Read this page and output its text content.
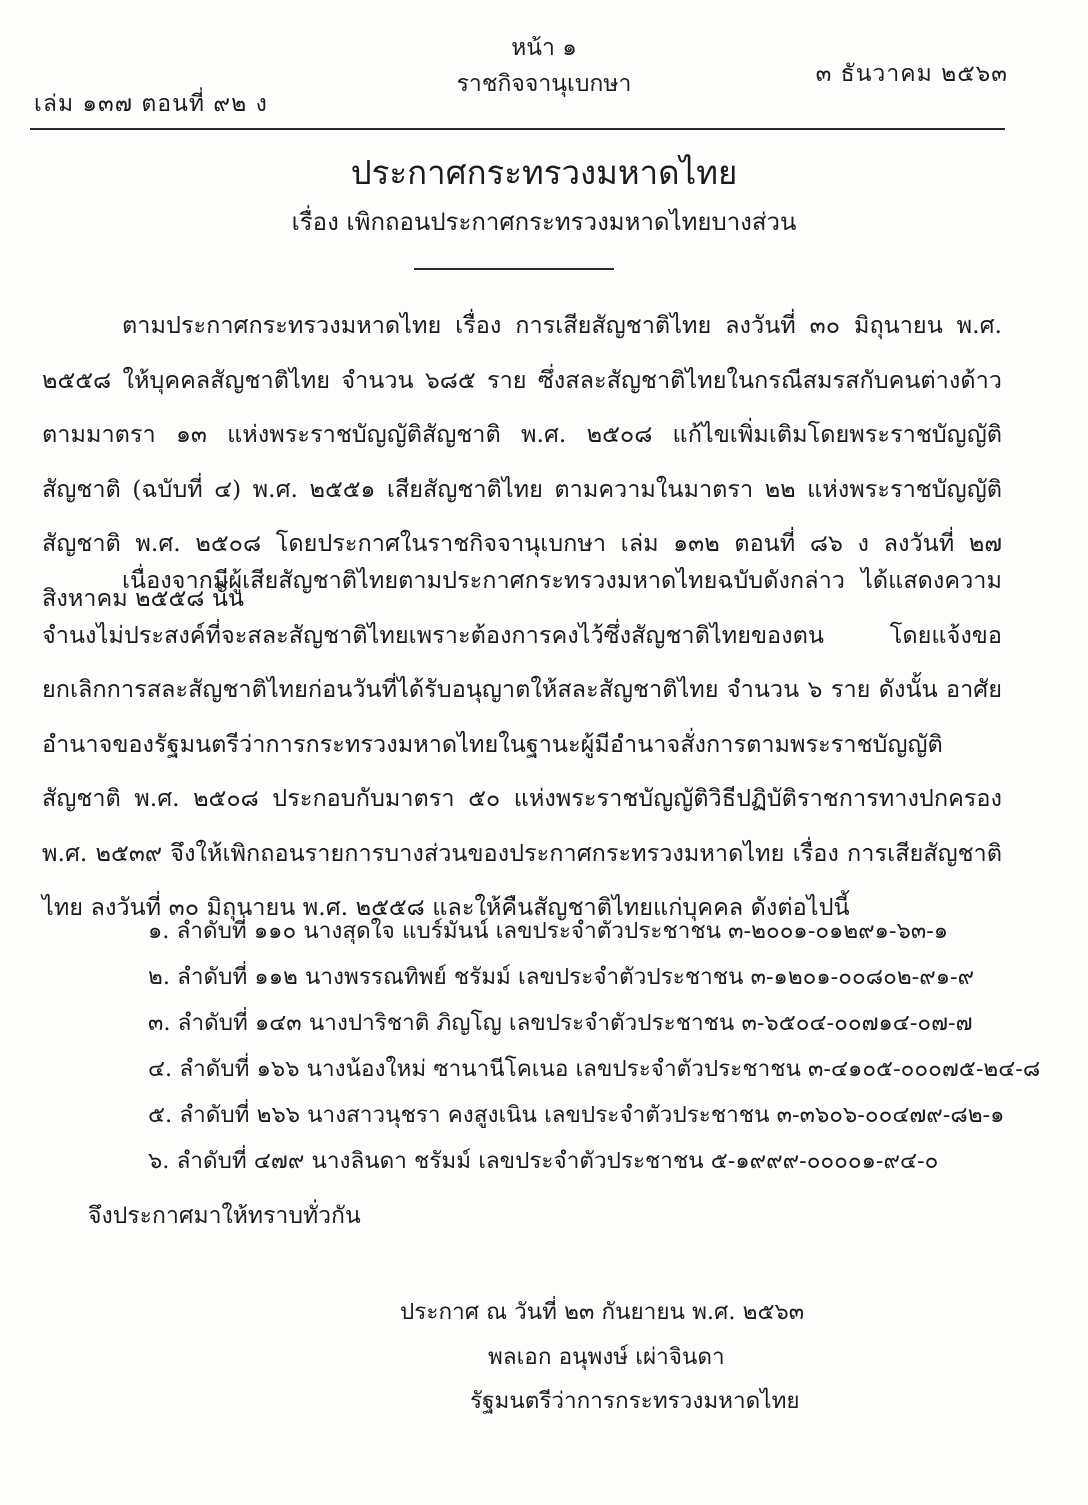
หน้า ๑
ราชกิจจานุเบกษา
เล่ม ๑๓๗ ตอนที่ ๙๒ ง
๓ ธันวาคม ๒๕๖๓
ประกาศกระทรวงมหาดไทย
เรื่อง เพิกถอนประกาศกระทรวงมหาดไทยบางส่วน
ตามประกาศกระทรวงมหาดไทย เรื่อง การเสียสัญชาติไทย ลงวันที่ ๓๐ มิถุนายน พ.ศ. ๒๕๕๘ ให้บุคคลสัญชาติไทย จำนวน ๖๘๕ ราย ซึ่งสละสัญชาติไทยในกรณีสมรสกับคนต่างด้าว ตามมาตรา ๑๓ แห่งพระราชบัญญัติสัญชาติ พ.ศ. ๒๕๐๘ แก้ไขเพิ่มเติมโดยพระราชบัญญัติสัญชาติ (ฉบับที่ ๔) พ.ศ. ๒๕๕๑ เสียสัญชาติไทย ตามความในมาตรา ๒๒ แห่งพระราชบัญญัติสัญชาติ พ.ศ. ๒๕๐๘ โดยประกาศในราชกิจจานุเบกษา เล่ม ๑๓๒ ตอนที่ ๘๖ ง ลงวันที่ ๒๗ สิงหาคม ๒๕๕๘ นั้น
เนื่องจากมีผู้เสียสัญชาติไทยตามประกาศกระทรวงมหาดไทยฉบับดังกล่าว ได้แสดงความจำนงไม่ประสงค์ที่จะสละสัญชาติไทยเพราะต้องการคงไว้ซึ่งสัญชาติไทยของตน โดยแจ้งขอยกเลิกการสละสัญชาติไทยก่อนวันที่ได้รับอนุญาตให้สละสัญชาติไทย จำนวน ๖ ราย ดังนั้น อาศัยอำนาจของรัฐมนตรีว่าการกระทรวงมหาดไทยในฐานะผู้มีอำนาจสั่งการตามพระราชบัญญัติสัญชาติ พ.ศ. ๒๕๐๘ ประกอบกับมาตรา ๕๐ แห่งพระราชบัญญัติวิธีปฏิบัติราชการทางปกครอง พ.ศ. ๒๕๓๙ จึงให้เพิกถอนรายการบางส่วนของประกาศกระทรวงมหาดไทย เรื่อง การเสียสัญชาติไทย ลงวันที่ ๓๐ มิถุนายน พ.ศ. ๒๕๕๘ และให้คืนสัญชาติไทยแก่บุคคล ดังต่อไปนี้
๑. ลำดับที่ ๑๑๐ นางสุดใจ แบร์มันน์ เลขประจำตัวประชาชน ๓-๒๐๐๑-๐๑๒๙๑-๖๓-๑
๒. ลำดับที่ ๑๑๒ นางพรรณทิพย์ ชรัมม์ เลขประจำตัวประชาชน ๓-๑๒๐๑-๐๐๘๐๒-๙๑-๙
๓. ลำดับที่ ๑๔๓ นางปาริชาติ ภิญโญ เลขประจำตัวประชาชน ๓-๖๕๐๔-๐๐๗๑๔-๐๗-๗
๔. ลำดับที่ ๑๖๖ นางน้องใหม่ ซานานีโคเนอ เลขประจำตัวประชาชน ๓-๔๑๐๕-๐๐๐๗๕-๒๔-๘
๕. ลำดับที่ ๒๖๖ นางสาวนุชรา คงสูงเนิน เลขประจำตัวประชาชน ๓-๓๖๐๖-๐๐๔๗๙-๘๒-๑
๖. ลำดับที่ ๔๗๙ นางลินดา ชรัมม์ เลขประจำตัวประชาชน ๕-๑๙๙๙-๐๐๐๐๑-๙๔-๐
จึงประกาศมาให้ทราบทั่วกัน
ประกาศ ณ วันที่ ๒๓ กันยายน พ.ศ. ๒๕๖๓
พลเอก อนุพงษ์ เผ่าจินดา
รัฐมนตรีว่าการกระทรวงมหาดไทย
